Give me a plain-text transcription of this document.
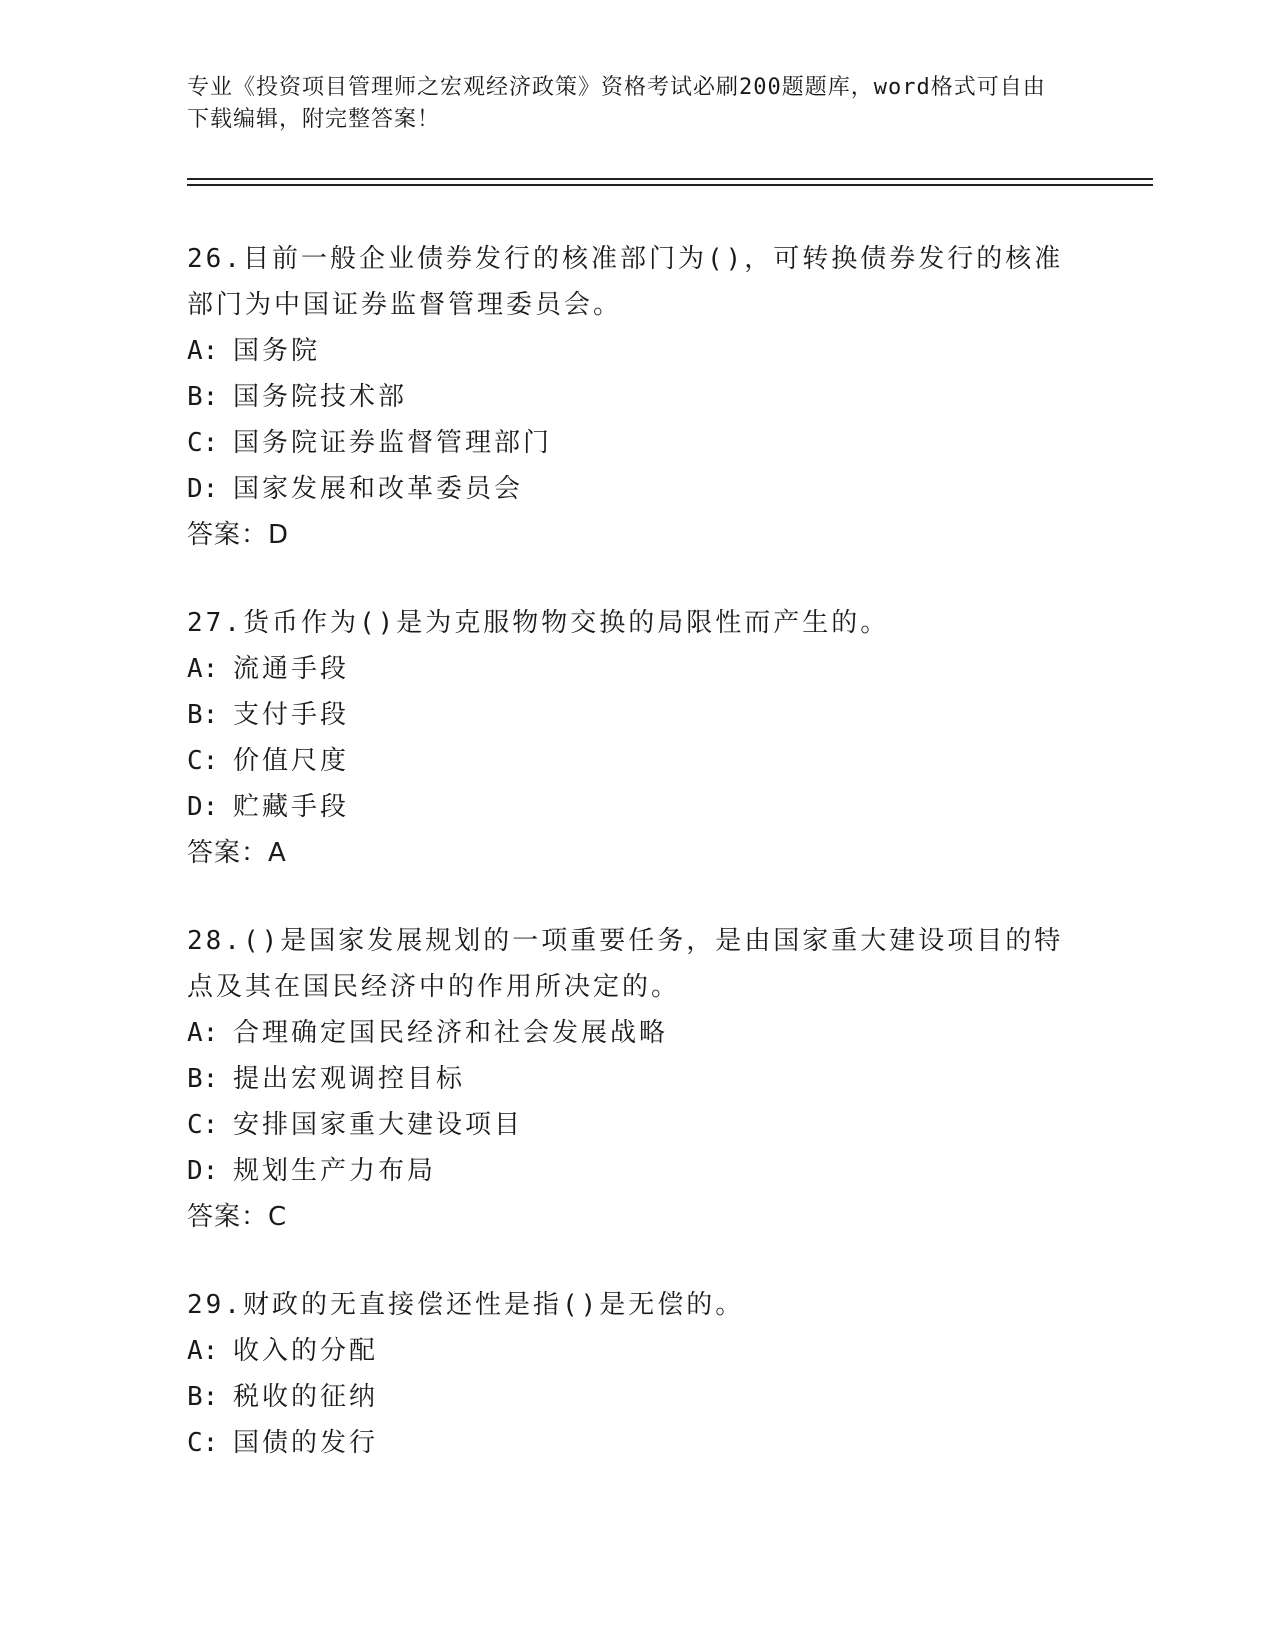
专业《投资项目管理师之宏观经济政策》资格考试必刷200题题库，word格式可自由下载编辑，附完整答案！

26.目前一般企业债券发行的核准部门为()，可转换债券发行的核准部门为中国证券监督管理委员会。

A: 国务院

B: 国务院技术部

C: 国务院证券监督管理部门

D: 国家发展和改革委员会

答案：D

27.货币作为()是为克服物物交换的局限性而产生的。

A: 流通手段

B: 支付手段

C: 价值尺度

D: 贮藏手段

答案：A

28.()是国家发展规划的一项重要任务，是由国家重大建设项目的特点及其在国民经济中的作用所决定的。

A: 合理确定国民经济和社会发展战略

B: 提出宏观调控目标

C: 安排国家重大建设项目

D: 规划生产力布局

答案：C

29.财政的无直接偿还性是指()是无偿的。

A: 收入的分配

B: 税收的征纳

C: 国债的发行
